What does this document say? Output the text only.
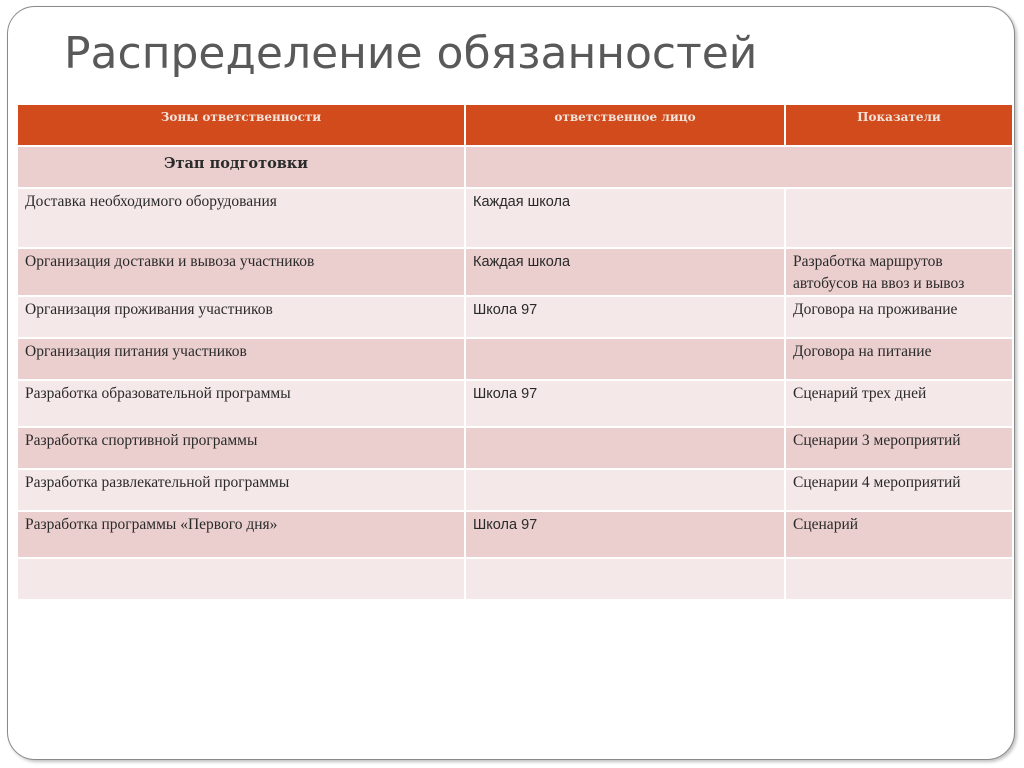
Распределение обязанностей
Зоны ответственности	ответственное лицо	Показатели
Этап подготовки		
Доставка необходимого оборудования	Каждая школа	
Организация доставки и вывоза участников	Каждая школа	Разработка маршрутов автобусов на ввоз и вывоз
Организация проживания участников	Школа 97	Договора на проживание
Организация питания участников		Договора на питание
Разработка образовательной программы	Школа 97	Сценарий трех дней
Разработка спортивной программы		Сценарии 3 мероприятий
Разработка развлекательной программы		Сценарии 4 мероприятий
Разработка программы «Первого дня»	Школа 97	Сценарий
